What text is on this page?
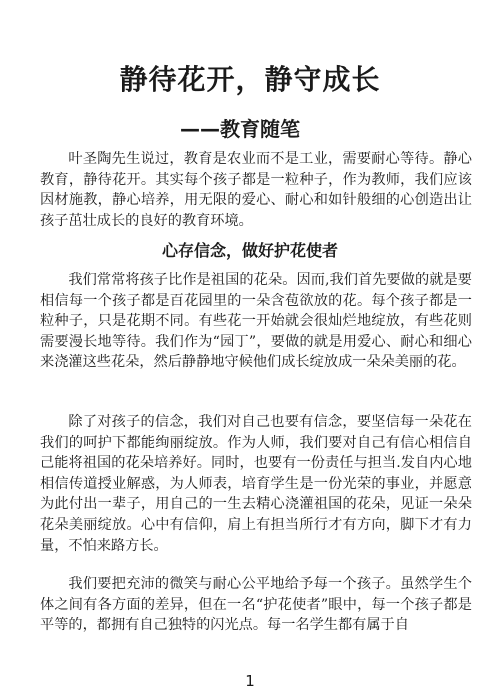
静待花开，静守成长
——教育随笔

叶圣陶先生说过，教育是农业而不是工业，需要耐心等待。静心教育，静待花开。其实每个孩子都是一粒种子，作为教师，我们应该因材施教，静心培养，用无限的爱心、耐心和如针般细的心创造出让孩子茁壮成长的良好的教育环境。

心存信念，做好护花使者

我们常常将孩子比作是祖国的花朵。因而,我们首先要做的就是要相信每一个孩子都是百花园里的一朵含苞欲放的花。每个孩子都是一粒种子，只是花期不同。有些花一开始就会很灿烂地绽放，有些花则需要漫长地等待。我们作为“园丁”，要做的就是用爱心、耐心和细心来浇灌这些花朵，然后静静地守候他们成长绽放成一朵朵美丽的花。

除了对孩子的信念，我们对自己也要有信念，要坚信每一朵花在我们的呵护下都能绚丽绽放。作为人师，我们要对自己有信心相信自己能将祖国的花朵培养好。同时，也要有一份责任与担当.发自内心地相信传道授业解惑，为人师表，培育学生是一份光荣的事业，并愿意为此付出一辈子，用自己的一生去精心浇灌祖国的花朵，见证一朵朵花朵美丽绽放。心中有信仰，肩上有担当所行才有方向，脚下才有力量，不怕来路方长。

我们要把充沛的微笑与耐心公平地给予每一个孩子。虽然学生个体之间有各方面的差异，但在一名“护花使者”眼中，每一个孩子都是平等的，都拥有自己独特的闪光点。每一名学生都有属于自

1
